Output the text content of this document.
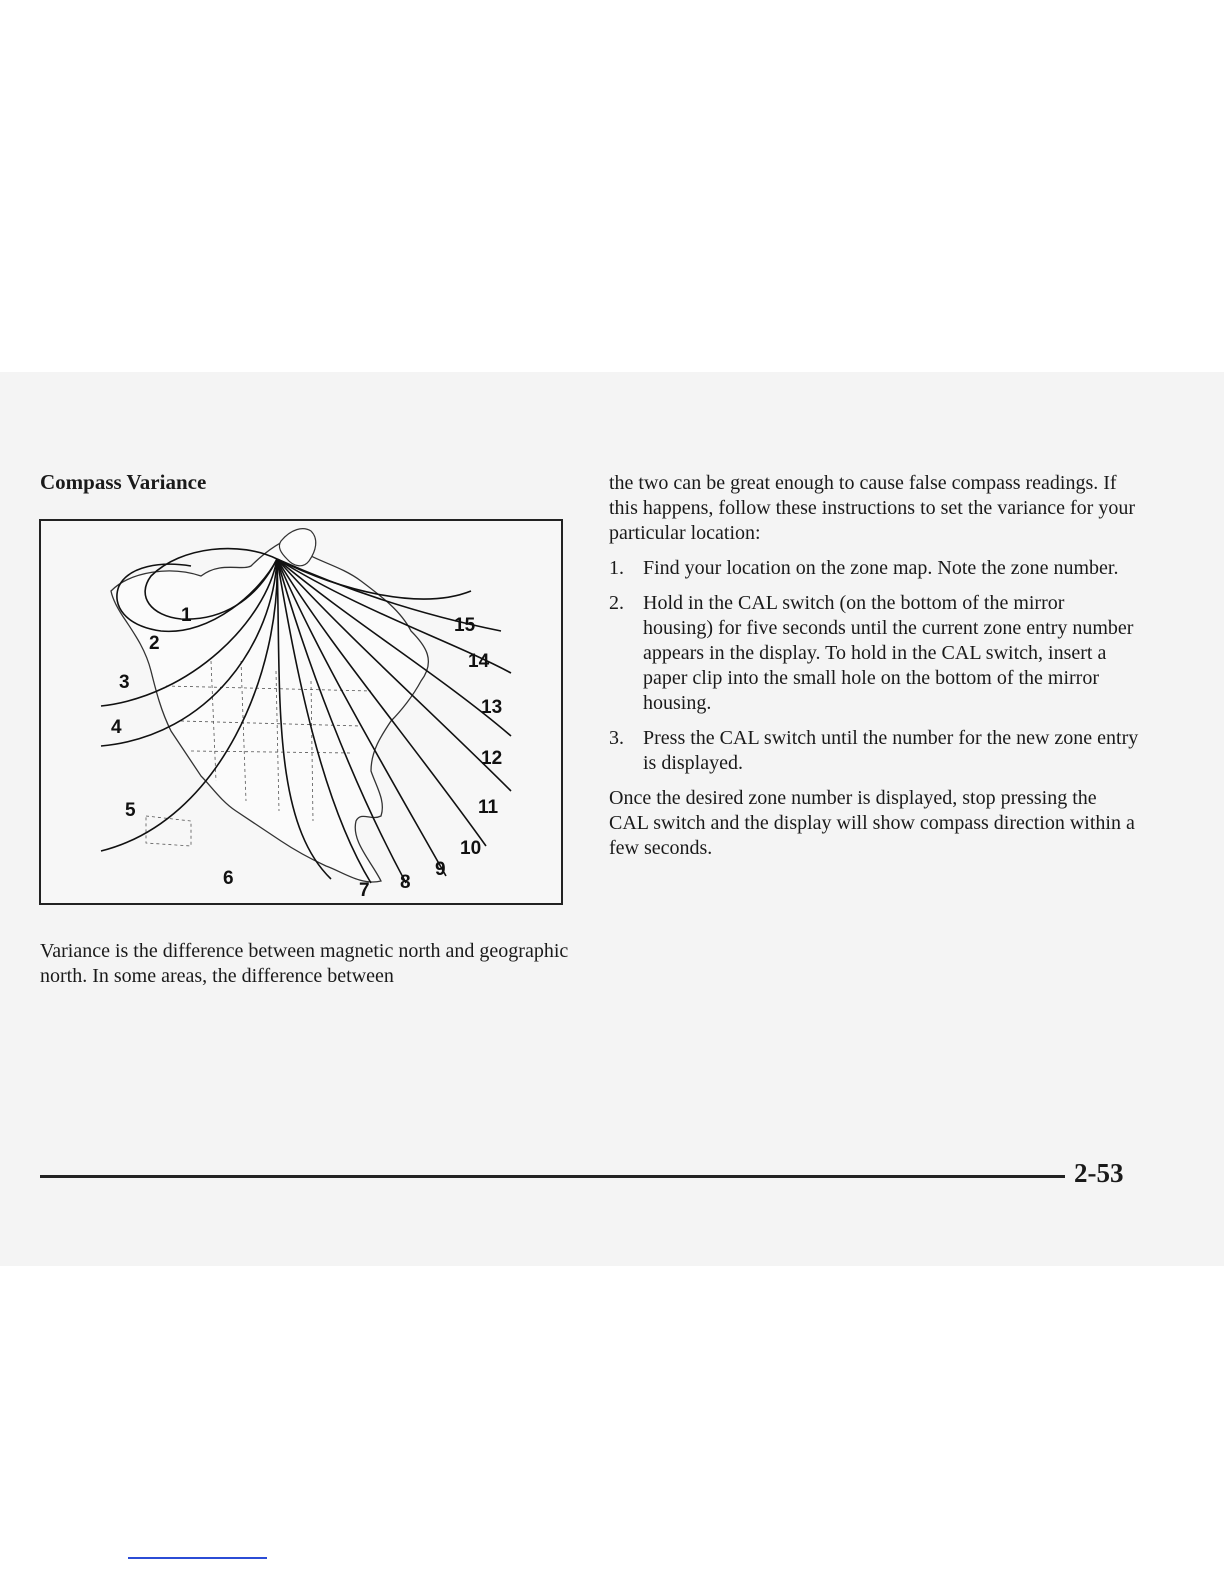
Compass Variance
1
2
3
4
5
6
7 8
9
10
11
12
13
14
15

Variance is the difference between magnetic north and geographic north. In some areas, the difference between

the two can be great enough to cause false compass readings. If this happens, follow these instructions to set the variance for your particular location:

1. Find your location on the zone map. Note the zone number.
2. Hold in the CAL switch (on the bottom of the mirror housing) for five seconds until the current zone entry number appears in the display. To hold in the CAL switch, insert a paper clip into the small hole on the bottom of the mirror housing.
3. Press the CAL switch until the number for the new zone entry is displayed.

Once the desired zone number is displayed, stop pressing the CAL switch and the display will show compass direction within a few seconds.

2-53
